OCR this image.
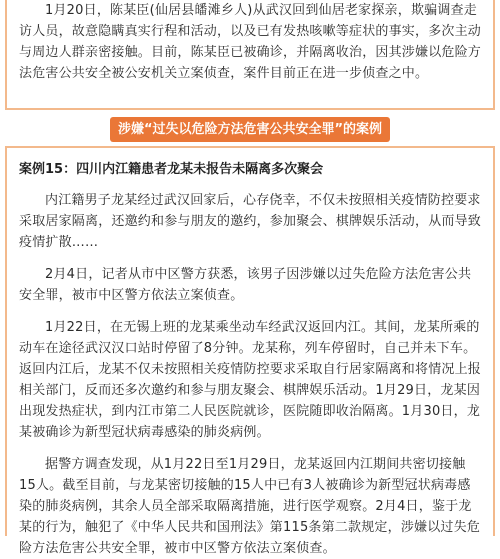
1月20日，陈某臣(仙居县皤滩乡人)从武汉回到仙居老家探亲，欺骗调查走访人员，故意隐瞒真实行程和活动，以及已有发热咳嗽等症状的事实，多次主动与周边人群亲密接触。目前，陈某臣已被确诊，并隔离收治，因其涉嫌以危险方法危害公共安全被公安机关立案侦查，案件目前正在进一步侦查之中。

涉嫌“过失以危险方法危害公共安全罪”的案例
案例15：四川内江籍患者龙某未报告未隔离多次聚会

内江籍男子龙某经过武汉回家后，心存侥幸，不仅未按照相关疫情防控要求采取居家隔离，还邀约和参与朋友的邀约，参加聚会、棋牌娱乐活动，从而导致疫情扩散……

2月4日，记者从市中区警方获悉，该男子因涉嫌以过失危险方法危害公共安全罪，被市中区警方依法立案侦查。

1月22日，在无锡上班的龙某乘坐动车经武汉返回内江。其间，龙某所乘的动车在途径武汉汉口站时停留了8分钟。龙某称，列车停留时，自己并未下车。返回内江后，龙某不仅未按照相关疫情防控要求采取自行居家隔离和将情况上报相关部门，反而还多次邀约和参与朋友聚会、棋牌娱乐活动。1月29日，龙某因出现发热症状，到内江市第二人民医院就诊，医院随即收治隔离。1月30日，龙某被确诊为新型冠状病毒感染的肺炎病例。

据警方调查发现，从1月22日至1月29日，龙某返回内江期间共密切接触15人。截至目前，与龙某密切接触的15人中已有3人被确诊为新型冠状病毒感染的肺炎病例，其余人员全部采取隔离措施，进行医学观察。2月4日，鉴于龙某的行为，触犯了《中华人民共和国刑法》第115条第二款规定，涉嫌以过失危险方法危害公共安全罪，被市中区警方依法立案侦查。
